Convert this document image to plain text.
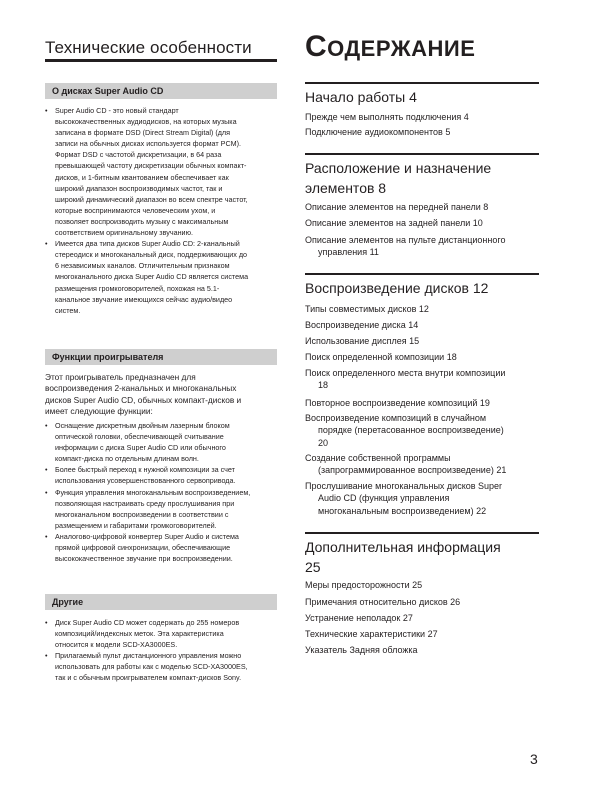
Технические особенности
О дисках Super Audio CD
• Super Audio CD - это новый стандарт
высококачественных аудиодисков, на которых музыка
записана в формате DSD (Direct Stream Digital) (для
записи на обычных дисках используется формат PCM).
Формат DSD с частотой дискретизации, в 64 раза
превышающей частоту дискретизации обычных компакт-
дисков, и 1-битным квантованием обеспечивает как
широкий диапазон воспроизводимых частот, так и
широкий динамический диапазон во всем спектре частот,
которые воспринимаются человеческим ухом, и
позволяет воспроизводить музыку с максимальным
соответствием оригинальному звучанию.
• Имеется два типа дисков Super Audio CD: 2-канальный
стереодиск и многоканальный диск, поддерживающих до
6 независимых каналов. Отличительным признаком
многоканального диска Super Audio CD является система
размещения громкоговорителей, похожая на 5.1-
канальное звучание имеющихся сейчас аудио/видео
систем.
Функции проигрывателя
Этот проигрыватель предназначен для
воспроизведения 2-канальных и многоканальных
дисков Super Audio CD, обычных компакт-дисков и
имеет следующие функции:
• Оснащение дискретным двойным лазерным блоком
оптической головки, обеспечивающей считывание
информации с диска Super Audio CD или обычного
компакт-диска по отдельным длинам волн.
• Более быстрый переход к нужной композиции за счет
использования усовершенствованного сервопривода.
• Функция управления многоканальным воспроизведением,
позволяющая настраивать среду прослушивания при
многоканальном воспроизведении в соответствии с
размещением и габаритами громкоговорителей.
• Аналогово-цифровой конвертер Super Audio и система
прямой цифровой синхронизации, обеспечивающие
высококачественное звучание при воспроизведении.
Другие
• Диск Super Audio CD может содержать до 255 номеров
композиций/индексных меток. Эта характеристика
относится к модели SCD-XA3000ES.
• Прилагаемый пульт дистанционного управления можно
использовать для работы как с моделью SCD-XA3000ES,
так и с обычным проигрывателем компакт-дисков Sony.
СОДЕРЖАНИЕ
Начало работы 4
Прежде чем выполнять подключения 4
Подключение аудиокомпонентов 5
Расположение и назначение
элементов 8
Описание элементов на передней панели 8
Описание элементов на задней панели 10
Описание элементов на пульте дистанционного
управления 11
Воспроизведение дисков 12
Типы совместимых дисков 12
Воспроизведение диска 14
Использование дисплея 15
Поиск определенной композиции 18
Поиск определенного места внутри композиции
18
Повторное воспроизведение композиций 19
Воспроизведение композиций в случайном
порядке (перетасованное воспроизведение)
20
Создание собственной программы
(запрограммированное воспроизведение) 21
Прослушивание многоканальных дисков Super
Audio CD (функция управления
многоканальным воспроизведением) 22
Дополнительная информация
25
Меры предосторожности 25
Примечания относительно дисков 26
Устранение неполадок 27
Технические характеристики 27
Указатель Задняя обложка
3
